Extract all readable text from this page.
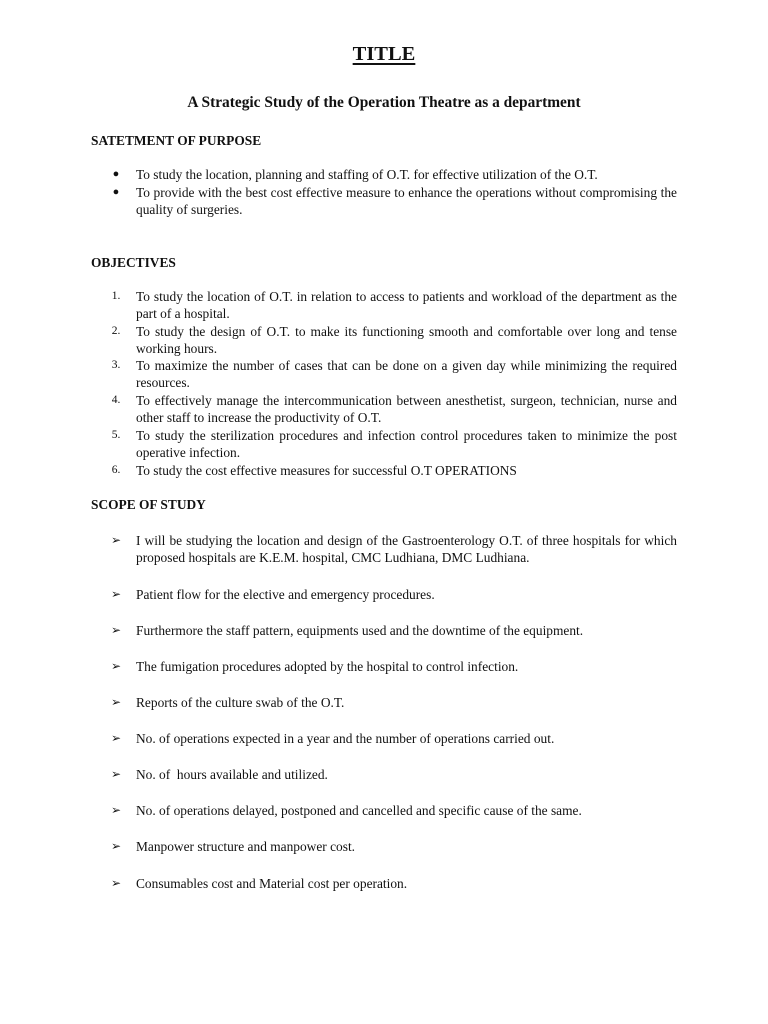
TITLE
A Strategic Study of the Operation Theatre as a department
SATETMENT OF PURPOSE
●	To study the location, planning and staffing of O.T. for effective utilization of the O.T.
●	To provide with the best cost effective measure to enhance the operations without compromising the quality of surgeries.
OBJECTIVES
1.	To study the location of O.T. in relation to access to patients and workload of the department as the part of a hospital.
2.	To study the design of O.T. to make its functioning smooth and comfortable over long and tense working hours.
3.	To maximize the number of cases that can be done on a given day while minimizing the required resources.
4.	To effectively manage the intercommunication between anesthetist, surgeon, technician, nurse and other staff to increase the productivity of O.T.
5.	To study the sterilization procedures and infection control procedures taken to minimize the post operative infection.
6.	To study the cost effective measures for successful O.T OPERATIONS
SCOPE OF STUDY
➢	I will be studying the location and design of the Gastroenterology O.T. of three hospitals for which proposed hospitals are K.E.M. hospital, CMC Ludhiana, DMC Ludhiana.
➢	Patient flow for the elective and emergency procedures.
➢	Furthermore the staff pattern, equipments used and the downtime of the equipment.
➢	The fumigation procedures adopted by the hospital to control infection.
➢	Reports of the culture swab of the O.T.
➢	No. of operations expected in a year and the number of operations carried out.
➢	No. of  hours available and utilized.
➢	No. of operations delayed, postponed and cancelled and specific cause of the same.
➢	Manpower structure and manpower cost.
➢	Consumables cost and Material cost per operation.
